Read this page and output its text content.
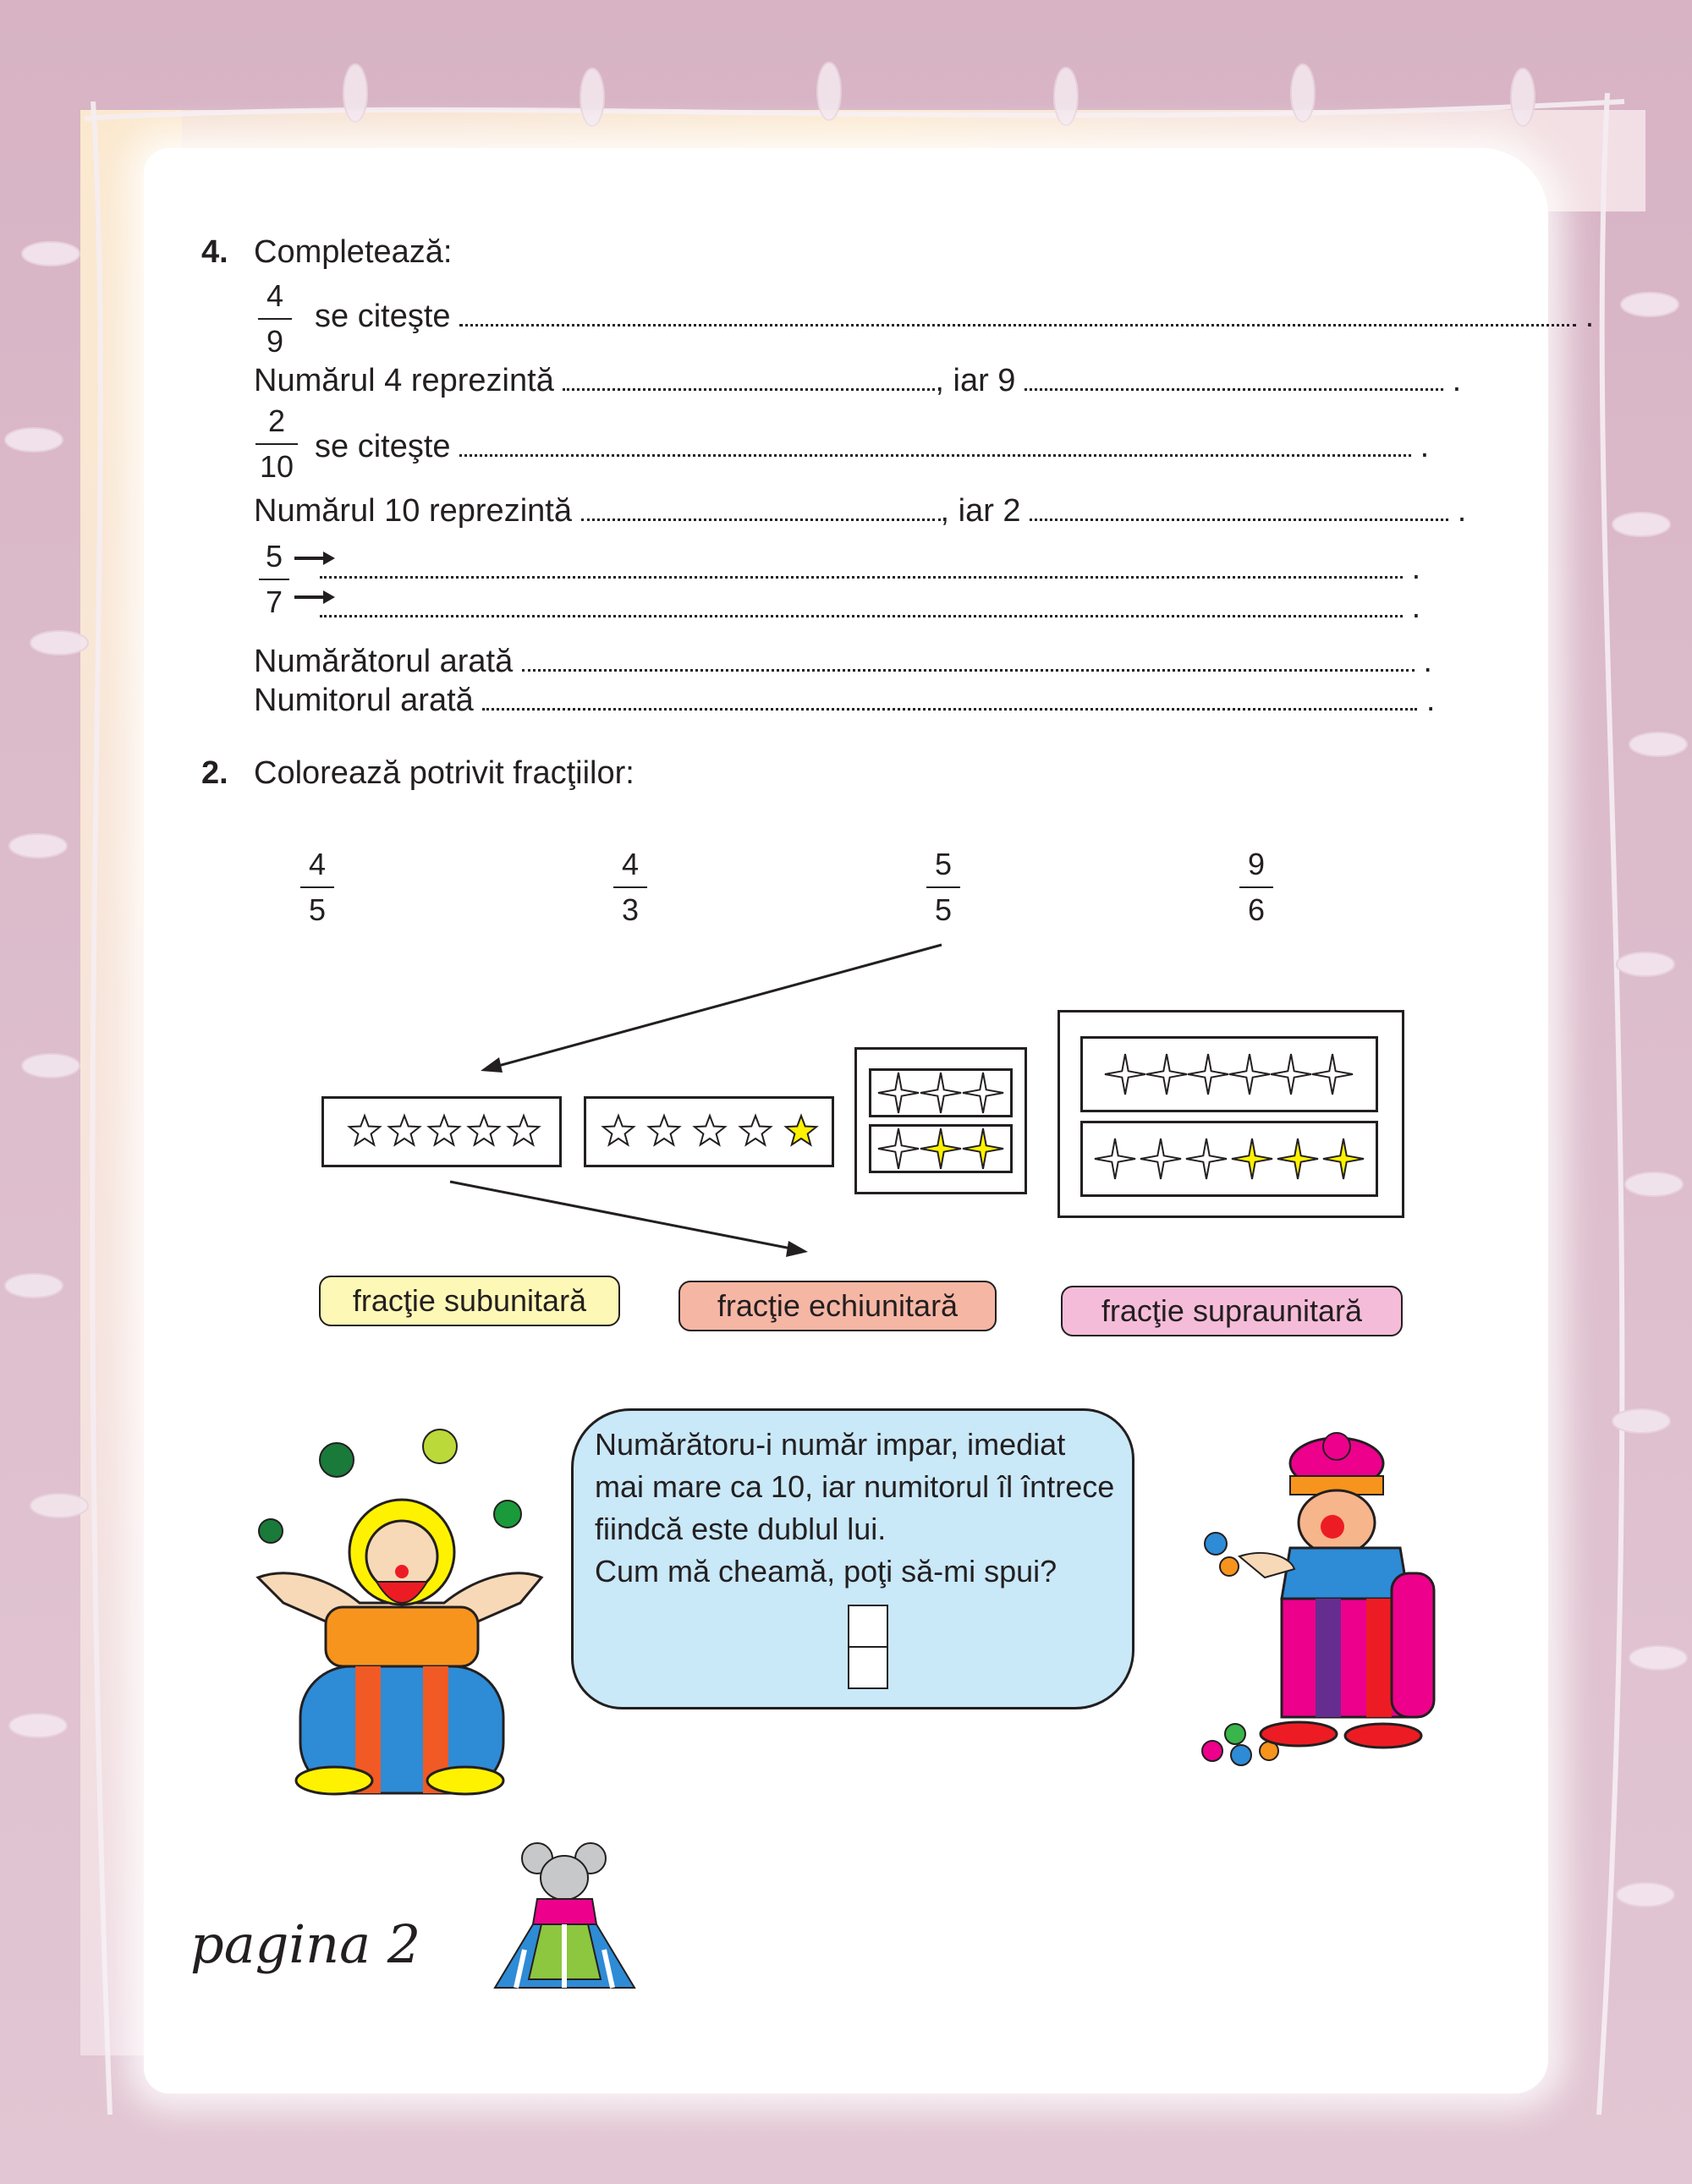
4. Completează:
4
9
se citeşte	.
Numărul 4 reprezintă	, iar 9	.
2
10
se citeşte	.
Numărul 10 reprezintă	, iar 2	.
5
7
.
.
Numărătorul arată	.
Numitorul arată	.
2. Colorează potrivit fracţiilor:
4
5
4
3
5
5
9
6
fracţie subunitară	fracţie echiunitară	fracţie supraunitară
Numărătoru-i număr impar, imediat
mai mare ca 10, iar numitorul îl întrece
fiindcă este dublul lui.
Cum mă cheamă, poţi să-mi spui?
pagina 2
